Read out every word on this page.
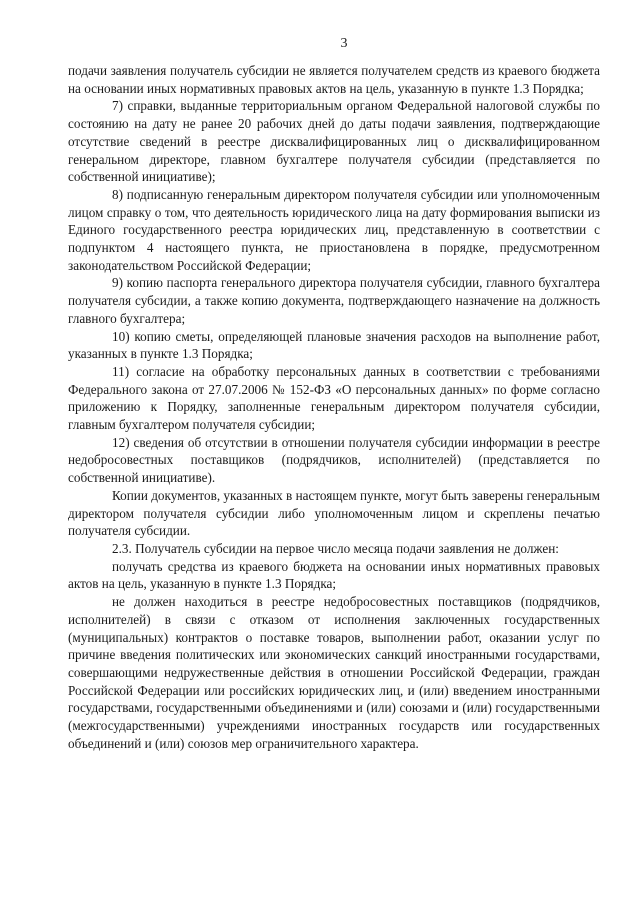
3

подачи заявления получатель субсидии не является получателем средств из краевого бюджета на основании иных нормативных правовых актов на цель, указанную в пункте 1.3 Порядка;

7) справки, выданные территориальным органом Федеральной налоговой службы по состоянию на дату не ранее 20 рабочих дней до даты подачи заявления, подтверждающие отсутствие сведений в реестре дисквалифицированных лиц о дисквалифицированном генеральном директоре, главном бухгалтере получателя субсидии (представляется по собственной инициативе);

8) подписанную генеральным директором получателя субсидии или уполномоченным лицом справку о том, что деятельность юридического лица на дату формирования выписки из Единого государственного реестра юридических лиц, представленную в соответствии с подпунктом 4 настоящего пункта, не приостановлена в порядке, предусмотренном законодательством Российской Федерации;

9) копию паспорта генерального директора получателя субсидии, главного бухгалтера получателя субсидии, а также копию документа, подтверждающего назначение на должность главного бухгалтера;

10) копию сметы, определяющей плановые значения расходов на выполнение работ, указанных в пункте 1.3 Порядка;

11) согласие на обработку персональных данных в соответствии с требованиями Федерального закона от 27.07.2006 № 152-ФЗ «О персональных данных» по форме согласно приложению к Порядку, заполненные генеральным директором получателя субсидии, главным бухгалтером получателя субсидии;

12) сведения об отсутствии в отношении получателя субсидии информации в реестре недобросовестных поставщиков (подрядчиков, исполнителей) (представляется по собственной инициативе).

Копии документов, указанных в настоящем пункте, могут быть заверены генеральным директором получателя субсидии либо уполномоченным лицом и скреплены печатью получателя субсидии.

2.3. Получатель субсидии на первое число месяца подачи заявления не должен:

получать средства из краевого бюджета на основании иных нормативных правовых актов на цель, указанную в пункте 1.3 Порядка;

не должен находиться в реестре недобросовестных поставщиков (подрядчиков, исполнителей) в связи с отказом от исполнения заключенных государственных (муниципальных) контрактов о поставке товаров, выполнении работ, оказании услуг по причине введения политических или экономических санкций иностранными государствами, совершающими недружественные действия в отношении Российской Федерации, граждан Российской Федерации или российских юридических лиц, и (или) введением иностранными государствами, государственными объединениями и (или) союзами и (или) государственными (межгосударственными) учреждениями иностранных государств или государственных объединений и (или) союзов мер ограничительного характера.
